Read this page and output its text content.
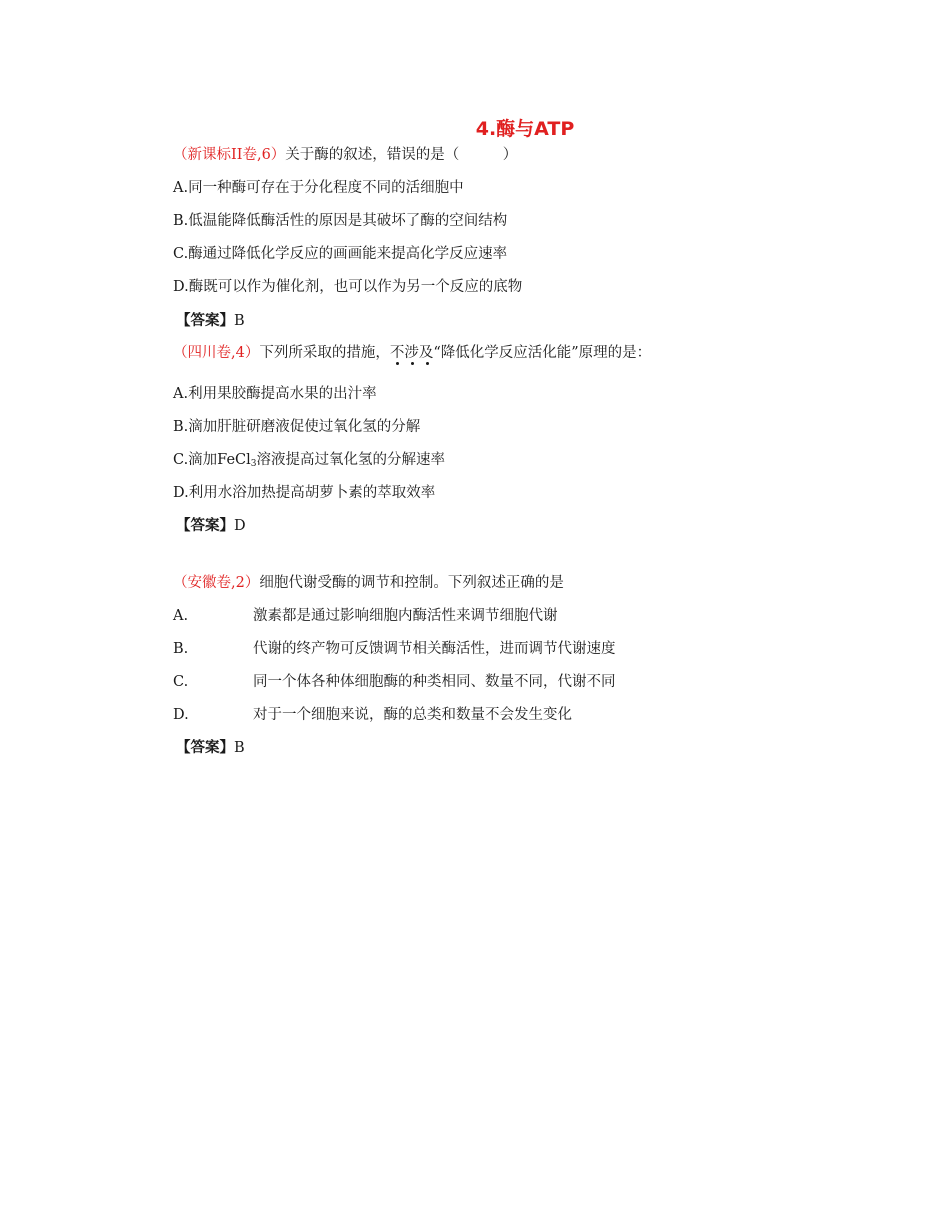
4.酶与ATP
（新课标II卷,6）关于酶的叙述，错误的是（　　　）
A.同一种酶可存在于分化程度不同的活细胞中
B.低温能降低酶活性的原因是其破坏了酶的空间结构
C.酶通过降低化学反应的画画能来提高化学反应速率
D.酶既可以作为催化剂，也可以作为另一个反应的底物
【答案】B
（四川卷,4）下列所采取的措施，不涉及
“降低化学反应活化能”原理的是：
A.利用果胶酶提高水果的出汁率
B.滴加肝脏研磨液促使过氧化氢的分解
C.滴加FeCl$_3$溶液提高过氧化氢的分解速率
D.利用水浴加热提高胡萝卜素的萃取效率
【答案】D
（安徽卷,2）细胞代谢受酶的调节和控制。下列叙述正确的是
A.	激素都是通过影响细胞内酶活性来调节细胞代谢
B.	代谢的终产物可反馈调节相关酶活性，进而调节代谢速度
C.	同一个体各种体细胞酶的种类相同、数量不同，代谢不同
D.	对于一个细胞来说，酶的总类和数量不会发生变化
【答案】B
